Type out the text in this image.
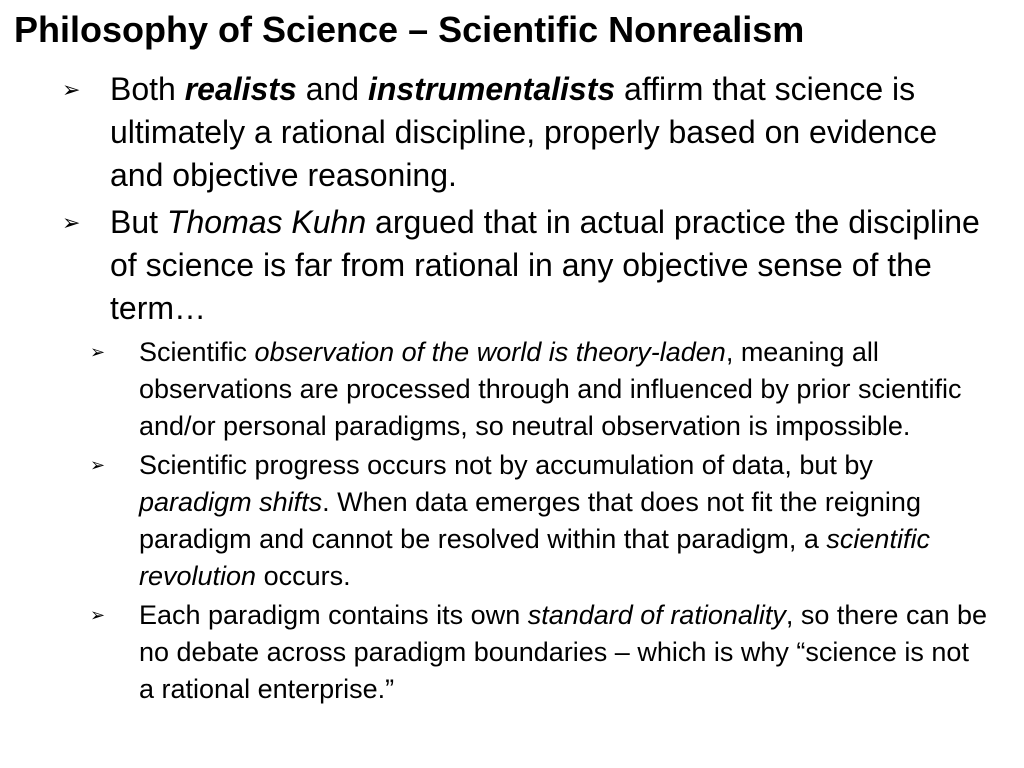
Philosophy of Science – Scientific Nonrealism
➢ Both realists and instrumentalists affirm that science is ultimately a rational discipline, properly based on evidence and objective reasoning.
➢ But Thomas Kuhn argued that in actual practice the discipline of science is far from rational in any objective sense of the term…
➢ Scientific observation of the world is theory-laden, meaning all observations are processed through and influenced by prior scientific and/or personal paradigms, so neutral observation is impossible.
➢ Scientific progress occurs not by accumulation of data, but by paradigm shifts. When data emerges that does not fit the reigning paradigm and cannot be resolved within that paradigm, a scientific revolution occurs.
➢ Each paradigm contains its own standard of rationality, so there can be no debate across paradigm boundaries – which is why “science is not a rational enterprise.”
